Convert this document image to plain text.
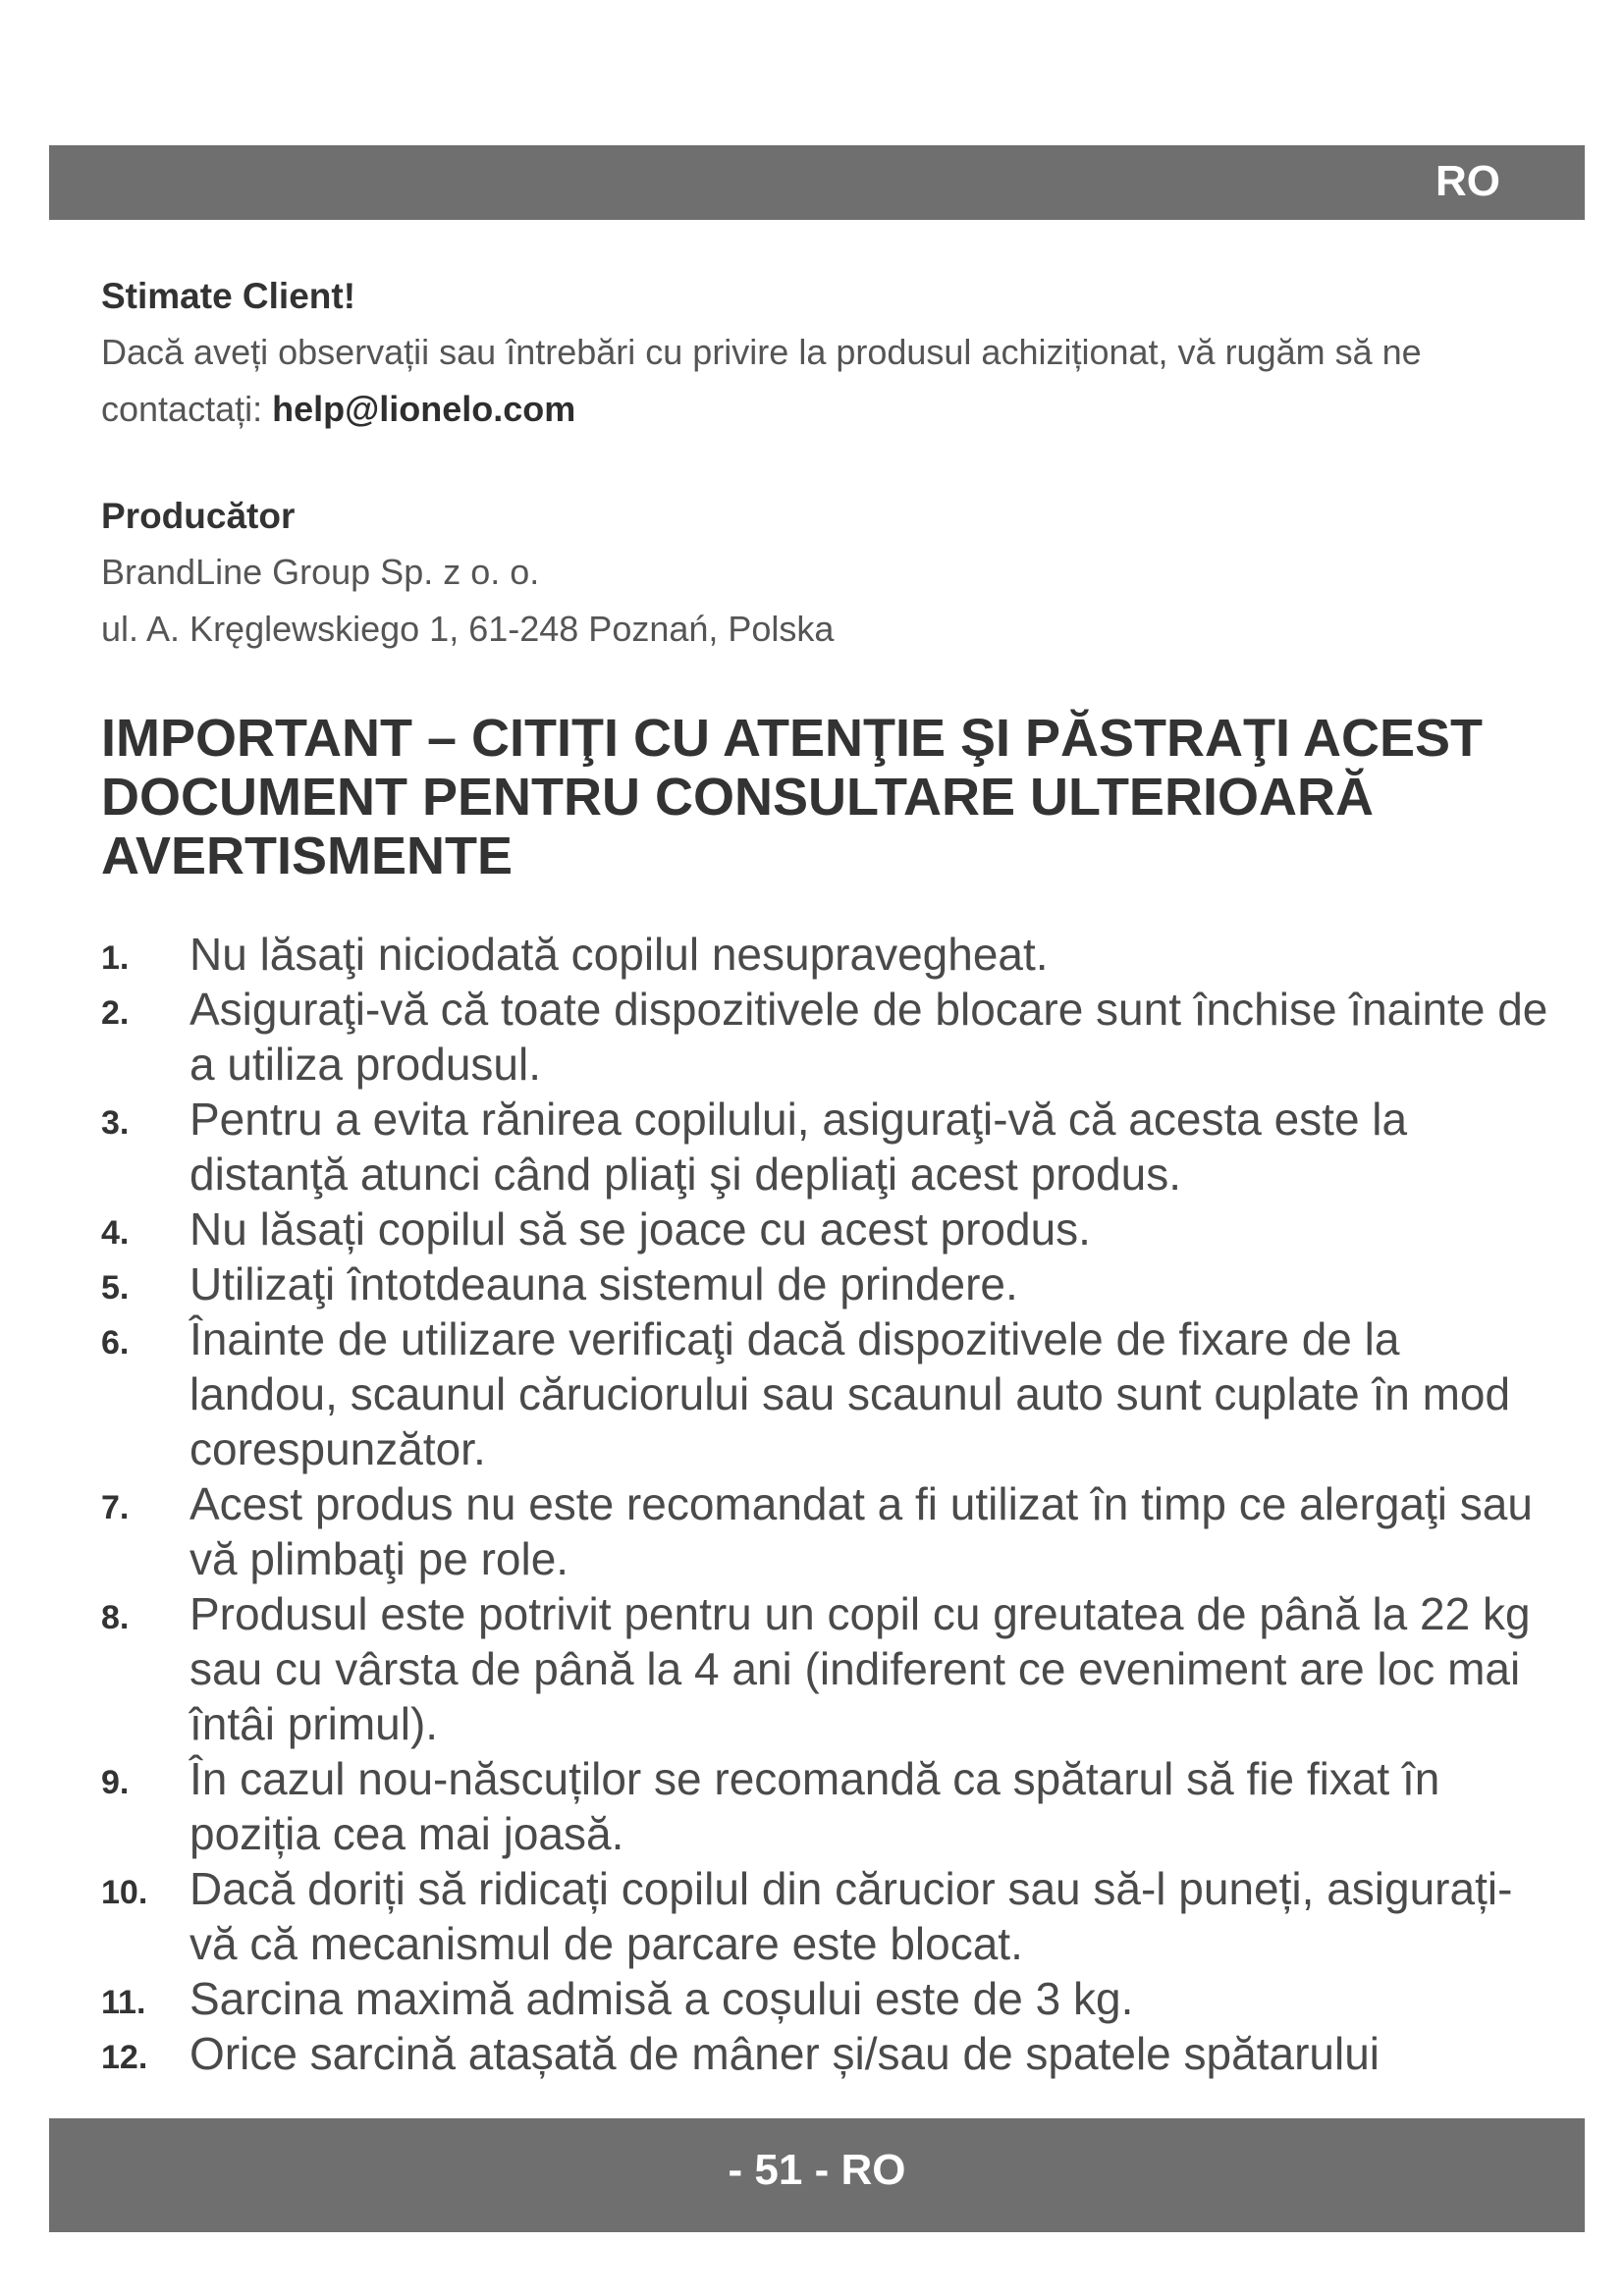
RO
Stimate Client!
Dacă aveți observații sau întrebări cu privire la produsul achiziționat, vă rugăm să ne contactați: help@lionelo.com
Producător
BrandLine Group Sp. z o. o.
ul. A. Kręglewskiego 1, 61-248 Poznań, Polska
IMPORTANT – CITIŢI CU ATENŢIE ŞI PĂSTRAŢI ACEST DOCUMENT PENTRU CONSULTARE ULTERIOARĂ AVERTISMENTE
1. Nu lăsaţi niciodată copilul nesupravegheat.
2. Asiguraţi-vă că toate dispozitivele de blocare sunt închise înainte de a utiliza produsul.
3. Pentru a evita rănirea copilului, asiguraţi-vă că acesta este la distanţă atunci când pliaţi şi depliaţi acest produs.
4. Nu lăsați copilul să se joace cu acest produs.
5. Utilizaţi întotdeauna sistemul de prindere.
6. Înainte de utilizare verificaţi dacă dispozitivele de fixare de la landou, scaunul căruciorului sau scaunul auto sunt cuplate în mod corespunzător.
7. Acest produs nu este recomandat a fi utilizat în timp ce alergaţi sau vă plimbaţi pe role.
8. Produsul este potrivit pentru un copil cu greutatea de până la 22 kg sau cu vârsta de până la 4 ani (indiferent ce eveniment are loc mai întâi primul).
9. În cazul nou-născuților se recomandă ca spătarul să fie fixat în poziția cea mai joasă.
10. Dacă doriți să ridicați copilul din cărucior sau să-l puneți, asigurați-vă că mecanismul de parcare este blocat.
11. Sarcina maximă admisă a coșului este de 3 kg.
12. Orice sarcină atașată de mâner și/sau de spatele spătarului
- 51 - RO
